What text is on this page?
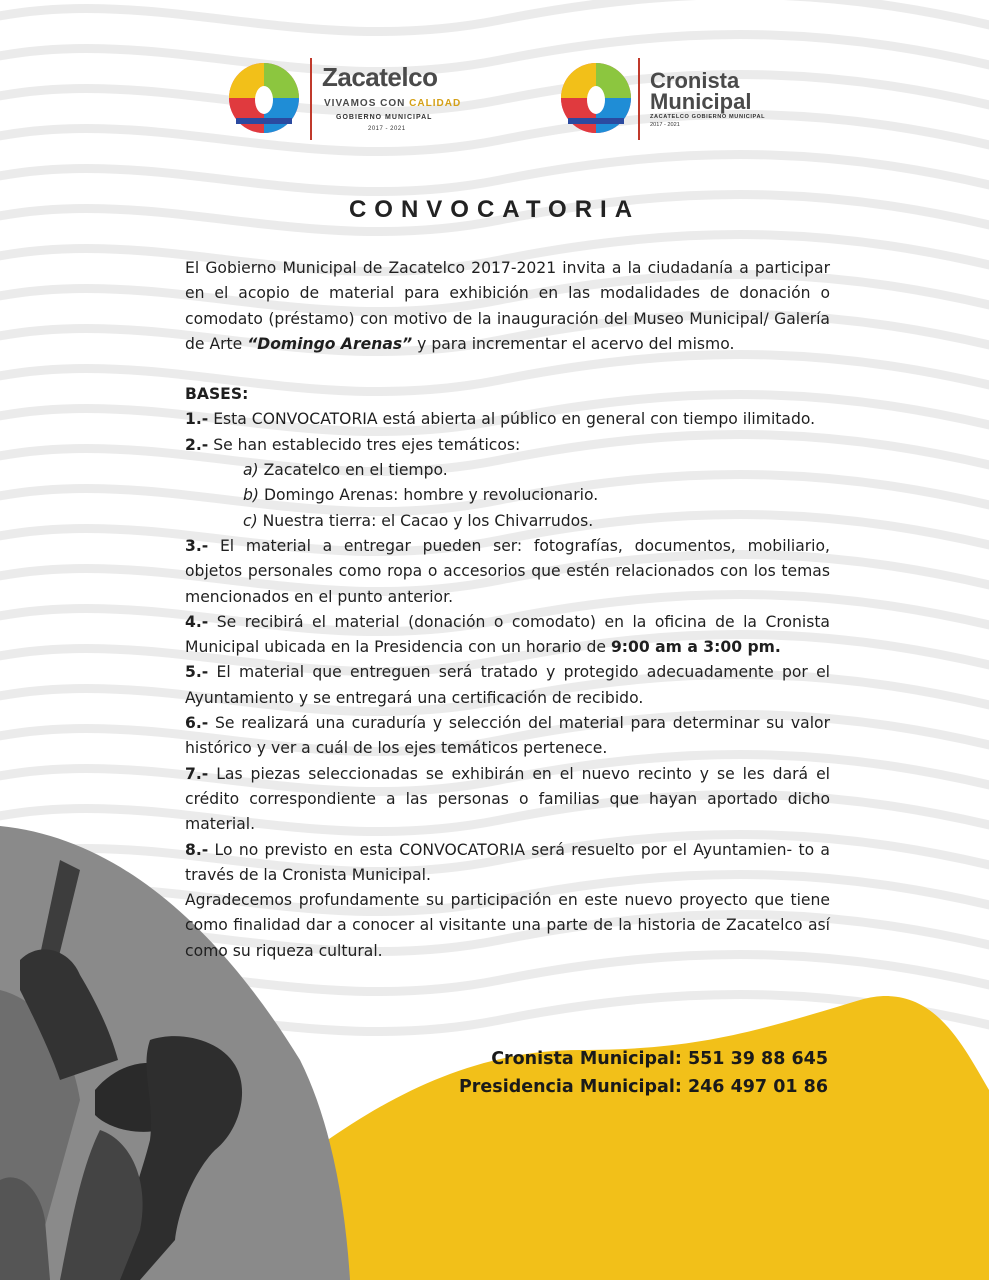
Zacatelco
VIVAMOS CON CALIDAD
GOBIERNO MUNICIPAL
2017 - 2021
Cronista
Municipal
ZACATELCO GOBIERNO MUNICIPAL
2017 - 2021
CONVOCATORIA

El Gobierno Municipal de Zacatelco 2017-2021 invita a la ciudadanía a participar en el acopio de material para exhibición en las modalidades de donación o comodato (préstamo) con motivo de la inauguración del Museo Municipal/ Galería de Arte “Domingo Arenas” y para incrementar el acervo del mismo.

BASES:

1.- Esta CONVOCATORIA está abierta al público en general con tiempo ilimitado.

2.- Se han establecido tres ejes temáticos:

a) Zacatelco en el tiempo.

b) Domingo Arenas: hombre y revolucionario.

c) Nuestra tierra: el Cacao y los Chivarrudos.

3.- El material a entregar pueden ser: fotografías, documentos, mobiliario, objetos personales como ropa o accesorios que estén relacionados con los temas mencionados en el punto anterior.

4.- Se recibirá el material (donación o comodato) en la oficina de la Cronista Municipal ubicada en la Presidencia con un horario de 9:00 am a 3:00 pm.

5.- El material que entreguen será tratado y protegido adecuadamente por el Ayuntamiento y se entregará una certificación de recibido.

6.- Se realizará una curaduría y selección del material para determinar su valor histórico y ver a cuál de los ejes temáticos pertenece.

7.- Las piezas seleccionadas se exhibirán en el nuevo recinto y se les dará el crédito correspondiente a las personas o familias que hayan aportado dicho material.

8.- Lo no previsto en esta CONVOCATORIA será resuelto por el Ayuntamien- to a través de la Cronista Municipal.

Agradecemos profundamente su participación en este nuevo proyecto que tiene como finalidad dar a conocer al visitante una parte de la historia de Zacatelco así como su riqueza cultural.

Cronista Municipal: 551 39 88 645
Presidencia Municipal: 246 497 01 86
